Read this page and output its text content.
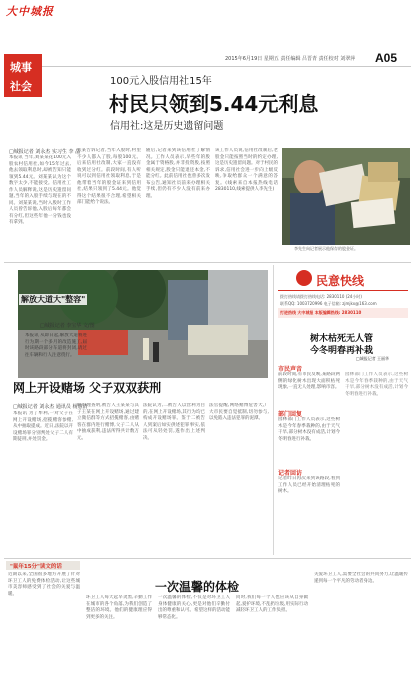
大中城报
2015年6月19日 星期五 责任编辑 吕晋青 责任校对 刘翠萍 A05
城事
社会	100元入股信用社15年
村民只领到5.44元利息
信用社:这是历史遗留问题
□城报记者 刘永杰 实习生 李 晶
本报讯 当年,刘某某花100元入股农村信用社,如今15年过去,他去领取利息时,却被告知只能领到5.44元。刘某某认为这个数字太少,不能接受。信用社工作人员解释说,这是历史遗留问题,当年的入股手续与现在的不同。刘某某说,当时入股时工作人员曾告诉他,入股后每年都会有分红,但这些年他一分钱也没有拿到。
张某告诉记者,当年入股时,村里不少人都入了股,每股100元。后来信用社改制,大家一直没有收到过分红。前段时间,有人听说可以到信用社领取利息,于是他带着当年的股金证来到信用社,结果只领到了5.44元。他觉得这个结果很不合理,希望相关部门能给个说法。
随后,记者来到该信用社了解情况。工作人员表示,早些年的股金属于资格股,并非投资股,按照相关规定,股金只能退还本金,不能分红。此前信用社也曾多次发布公告,通知社员前来办理相关手续,但仍有不少人没有前来办理。
该工作人员说,信用社改制后,老股金只能按照当时的约定办理,这是历史遗留问题。对于村民的诉求,信用社会进一步向上级反映,争取给群众一个满意的答复。(线索来自本报热线电话2830110,线索提供人李先生)
李先生向记者展示他保存的股金证。
解放大道大"整容"
□城报记者 李宝华 文/图
本报讯 从即日起,解放大道将进行为期一个多月的改造施工,届时该路段部分车道将封闭,请过往车辆和行人注意绕行。
民意快线
拨打热线请拨打热线电话: 2830110 (24小时)
联系QQ: 1003720996 电子信箱: zjmjkx@163.com
打进热线 大中城报 本版编辑热线: 2830110
树木枯死无人管
今冬明春再补栽
□城报记者 王丽华
市民声音
前段时间,有市民反映,某路段两侧的绿化树木出现大面积枯死现象,一直无人处理,影响市容。
部门回复
园林部门工作人员表示,这些树木是今年春季栽种的,由于天气干旱,部分树木没有成活,计划今冬明春进行补栽。
记者回访
记者昨日再次来到该路段,看到工作人员已经开始清理枯死的树木。
园林部门工作人员表示,这些树木是今年春季栽种的,由于天气干旱,部分树木没有成活,计划今冬明春进行补栽。
网上开设赌场 父子双双获刑
□城报记者 刘永杰 通讯员 杨惠清
本报讯 为了牟利,一对父子在网上开设赌场,招揽赌客参赌,从中抽取提成。近日,法院以开设赌场罪分别判处父子二人有期徒刑,并处罚金。
经审理查明,被告人王某某与其子王某在网上开设赌场,通过建立微信群等方式招揽赌客,由赌客在群内进行赌博,父子二人从中抽成获利,违法所得共计数万元。
法院认为,二被告人以营利为目的,在网上开设赌场,其行为均已构成开设赌场罪。鉴于二被告人到案后如实供述犯罪事实,依法可从轻处罚,遂作出上述判决。
法官提醒,网络赌博危害大,广大市民要自觉抵制,切勿参与,以免陷入违法犯罪的泥潭。
"鼠年15分"读文的话
一次温馨的体检
近期以来,全国很多地方开展了针对环卫工人的免费体检活动,让这些城市美容师感受到了社会的关爱与温暖。
环卫工人每天起早贪黑,辛勤工作在城市的各个角落,为我们创造了整洁的环境。他们的健康理应得到更多的关注。
一次温馨的体检,不仅是对环卫工人身体健康的关心,更是对他们辛勤付出的尊重和认可。希望这样的活动能够常态化。
同时,我们每一个人也应该从自身做起,爱护环境,不乱扔垃圾,用实际行动减轻环卫工人的工作负担。
关爱环卫工人,需要全社会的共同努力,让温暖传递到每一个平凡的劳动者身边。
